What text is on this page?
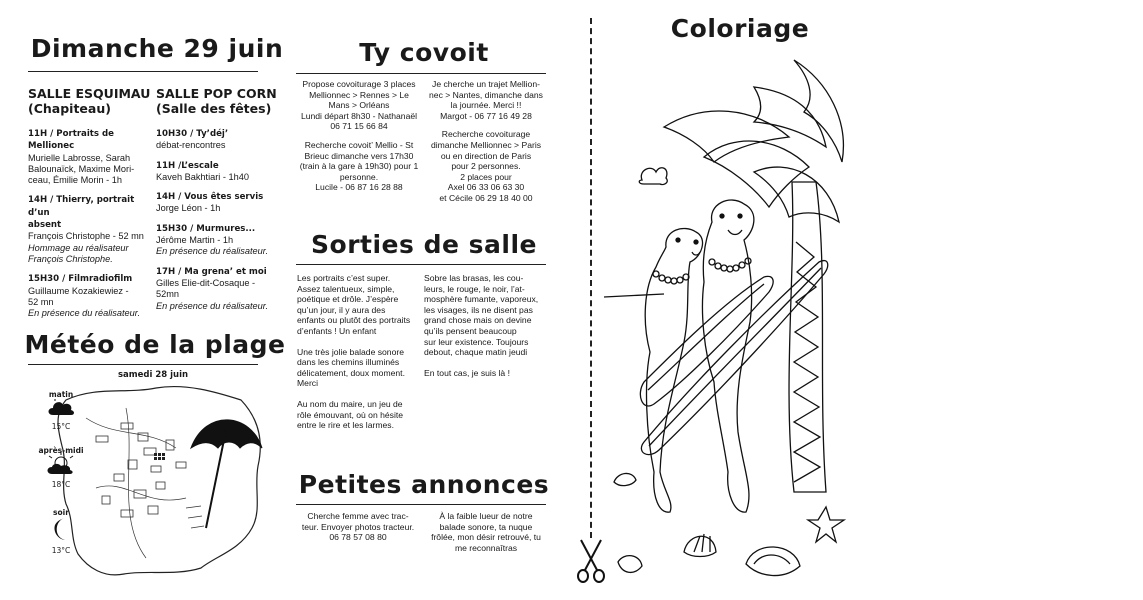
Dimanche 29 juin
SALLE ESQUIMAU
(Chapiteau)
11H / Portraits de Mellionec
Murielle Labrosse, Sarah
Balounaïck, Maxime Mori-
ceau, Émilie Morin - 1h
14H / Thierry, portrait d’un
absent
François Christophe - 52 mn
Hommage au réalisateur
François Christophe.
15H30 / Filmradiofilm
Guillaume Kozakiewiez -
52 mn
En présence du réalisateur.
SALLE POP CORN
(Salle des fêtes)
10H30 / Ty’déj’
débat-rencontres
11H /L’escale
Kaveh Bakhtiari - 1h40
14H / Vous êtes servis
Jorge Léon - 1h
15H30 / Murmures...
Jérôme Martin - 1h
En présence du réalisateur.
17H / Ma grena’ et moi
Gilles Elie-dit-Cosaque -
52mn
En présence du réalisateur.
Météo de la plage
samedi 28 juin
matin
15°C
après-midi
18°C
soir
13°C
Ty covoit

Propose covoiturage 3 places
Mellionnec > Rennes > Le
Mans > Orléans
Lundi départ 8h30 - Nathanaël
06 71 15 66 84

Recherche covoit’ Mellio - St
Brieuc dimanche vers 17h30
(train à la gare à 19h30) pour 1
personne.
Lucile - 06 87 16 28 88

Je cherche un trajet Mellion-
nec > Nantes, dimanche dans
la journée. Merci !!
Margot - 06 77 16 49 28

Recherche covoiturage
dimanche Mellionnec > Paris
ou en direction de Paris
pour 2 personnes.
2 places pour
Axel 06 33 06 63 30
et Cécile 06 29 18 40 00

Sorties de salle

Les portraits c’est super.
Assez talentueux, simple,
poétique et drôle. J’espère
qu’un jour, il y aura des
enfants ou plutôt des portraits
d’enfants ! Un enfant

Une très jolie balade sonore
dans les chemins illuminés
délicatement, doux moment.
Merci

Au nom du maire, un jeu de
rôle émouvant, où on hésite
entre le rire et les larmes.

Sobre las brasas, les cou-
leurs, le rouge, le noir, l’at-
mosphère fumante, vaporeux,
les visages, ils ne disent pas
grand chose mais on devine
qu’ils pensent beaucoup
sur leur existence. Toujours
debout, chaque matin jeudi

En tout cas, je suis là !

Petites annonces

Cherche femme avec trac-
teur. Envoyer photos tracteur.
06 78 57 08 80

À la faible lueur de notre
balade sonore, ta nuque
frôlée, mon désir retrouvé, tu
me reconnaîtras

Coloriage
